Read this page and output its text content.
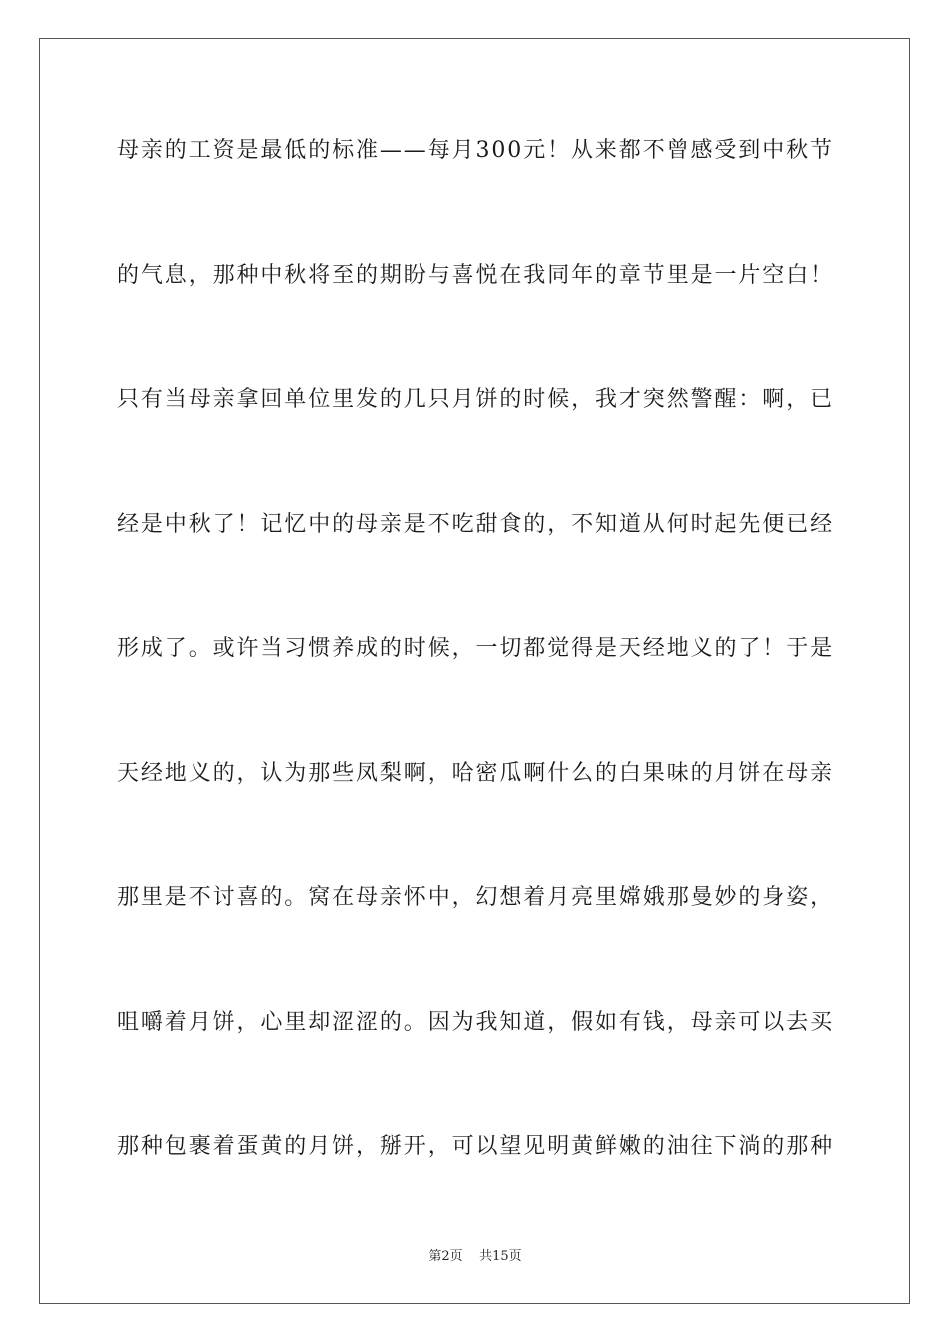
母亲的工资是最低的标准——每月300元！从来都不曾感受到中秋节
的气息，那种中秋将至的期盼与喜悦在我同年的章节里是一片空白！
只有当母亲拿回单位里发的几只月饼的时候，我才突然警醒：啊，已
经是中秋了！记忆中的母亲是不吃甜食的，不知道从何时起先便已经
形成了。或许当习惯养成的时候，一切都觉得是天经地义的了！于是
天经地义的，认为那些凤梨啊，哈密瓜啊什么的白果味的月饼在母亲
那里是不讨喜的。窝在母亲怀中，幻想着月亮里嫦娥那曼妙的身姿，
咀嚼着月饼，心里却涩涩的。因为我知道，假如有钱，母亲可以去买
那种包裹着蛋黄的月饼，掰开，可以望见明黄鲜嫩的油往下淌的那种
第2页 共15页
